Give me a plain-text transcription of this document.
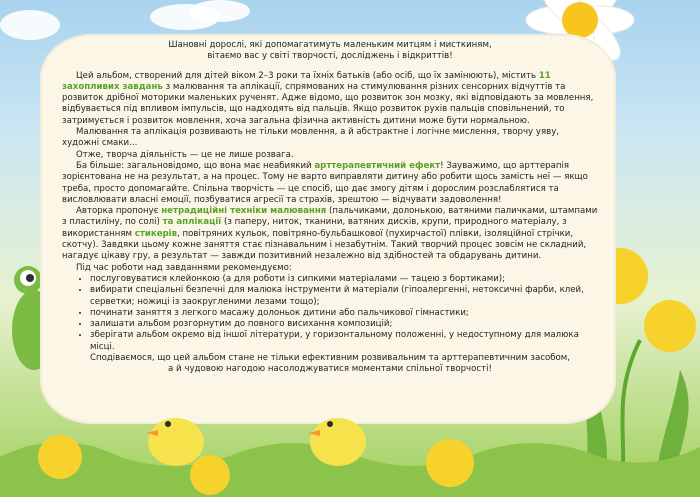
Шановні дорослі, які допомагатимуть маленьким митцям і мисткиням,

вітаємо вас у світі творчості, досліджень і відкриттів!

Цей альбом, створений для дітей віком 2–3 роки та їхніх батьків (або осіб, що їх замінюють), містить 11 захопливих завдань з малювання та аплікації, спрямованих на стимулювання різних сенсорних відчуттів та розвиток дрібної моторики маленьких рученят. Адже відомо, що розвиток зон мозку, які відповідають за мовлення, відбувається під впливом імпульсів, що надходять від пальців. Якщо розвиток рухів пальців сповільнений, то затримується і розвиток мовлення, хоча загальна фізична активність дитини може бути нормальною.

Малювання та аплікація розвивають не тільки мовлення, а й абстрактне і логічне мислення, творчу уяву, художні смаки...

Отже, творча діяльність — це не лише розвага.

Ба більше: загальновідомо, що вона має неабиякий арттерапевтичний ефект! Зауважимо, що арттерапія зорієнтована не на результат, а на процес. Тому не варто виправляти дитину або робити щось замість неї — якщо треба, просто допомагайте. Спільна творчість — це спосіб, що дає змогу дітям і дорослим розслаблятися та висловлювати власні емоції, позбуватися агресії та страхів, зрештою — відчувати задоволення!

Авторка пропонує нетрадиційні техніки малювання (пальчиками, долонькою, ватяними паличками, штампами з пластиліну, по солі) та аплікації (з паперу, ниток, тканини, ватяних дисків, крупи, природного матеріалу, з використанням стикерів, повітряних кульок, повітряно-бульбашкової (пухирчастої) плівки, ізоляційної стрічки, скотчу). Завдяки цьому кожне заняття стає пізнавальним і незабутнім. Такий творчий процес зовсім не складний, нагадує цікаву гру, а результат — завжди позитивний незалежно від здібностей та обдарувань дитини.

Під час роботи над завданнями рекомендуємо:

• послуговуватися клейонкою (а для роботи із сипкими матеріалами — тацею з бортиками);
• вибирати спеціальні безпечні для малюка інструменти й матеріали (гіпоалергенні, нетоксичні фарби, клей, серветки; ножиці із заокругленими лезами тощо);
• починати заняття з легкого масажу долоньок дитини або пальчикової гімнастики;
• залишати альбом розгорнутим до повного висихання композицій;
• зберігати альбом окремо від іншої літератури, у горизонтальному положенні, у недоступному для малюка місці.

Сподіваємося, що цей альбом стане не тільки ефективним розвивальним та арттерапевтичним засобом,

а й чудовою нагодою насолоджуватися моментами спільної творчості!
